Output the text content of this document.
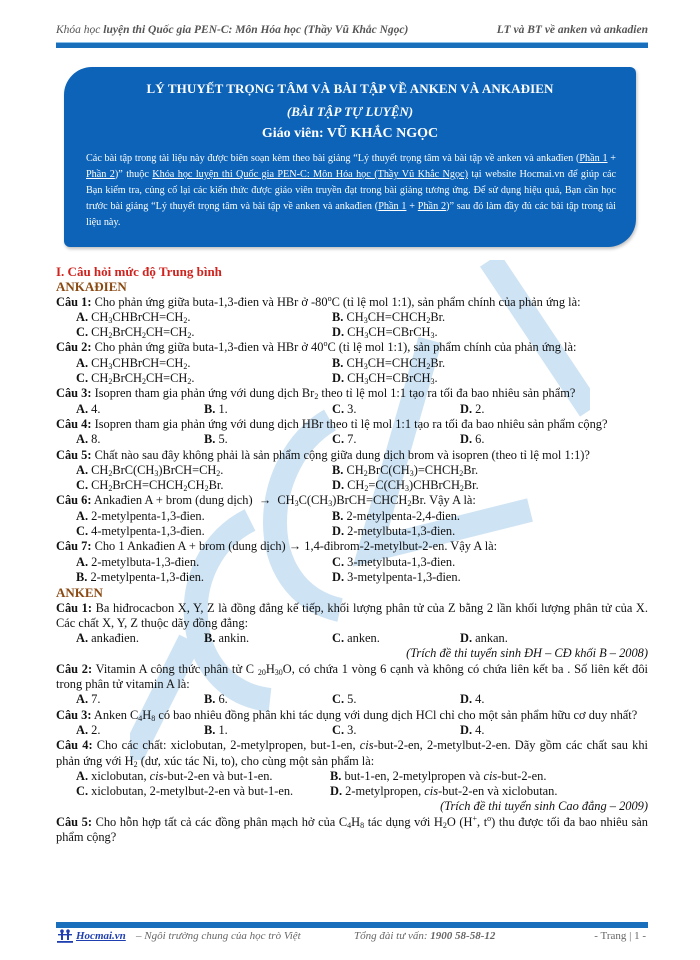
Khóa học luyện thi Quốc gia PEN-C: Môn Hóa học (Thầy Vũ Khắc Ngọc)	LT và BT về anken và ankadien
LÝ THUYẾT TRỌNG TÂM VÀ BÀI TẬP VỀ ANKEN VÀ ANKAĐIEN
(BÀI TẬP TỰ LUYỆN)
Giáo viên: VŨ KHẮC NGỌC
Các bài tập trong tài liệu này được biên soạn kèm theo bài giảng “Lý thuyết trọng tâm và bài tập về anken và ankađien (Phần 1 + Phần 2)” thuộc Khóa học luyện thi Quốc gia PEN-C: Môn Hóa học (Thầy Vũ Khắc Ngọc) tại website Hocmai.vn để giúp các Bạn kiểm tra, củng cố lại các kiến thức được giáo viên truyền đạt trong bài giảng tương ứng. Để sử dụng hiệu quả, Bạn cần học trước bài giảng “Lý thuyết trọng tâm và bài tập về anken và ankađien (Phần 1 + Phần 2)” sau đó làm đầy đủ các bài tập trong tài liệu này.
I. Câu hỏi mức độ Trung bình
ANKAĐIEN
Câu 1: Cho phản ứng giữa buta-1,3-đien và HBr ở -80$^o$C (tỉ lệ mol 1:1), sản phẩm chính của phản ứng là:
A. $CH_3CHBrCH=CH_2$.	B. $CH_3CH=CHCH_2Br$.
C. $CH_2BrCH_2CH=CH_2$.	D. $CH_3CH=CBrCH_3$.
Câu 2: Cho phản ứng giữa buta-1,3-đien và HBr ở 40$^o$C (tỉ lệ mol 1:1), sản phẩm chính của phản ứng là:
A. $CH_3CHBrCH=CH_2$.	B. $CH_3CH=CHCH_2Br$.
C. $CH_2BrCH_2CH=CH_2$.	D. $CH_3CH=CBrCH_3$.
Câu 3: Isopren tham gia phản ứng với dung dịch $Br_2$ theo tỉ lệ mol 1:1 tạo ra tối đa bao nhiêu sản phẩm?
A. 4.	B. 1.	C. 3.	D. 2.
Câu 4: Isopren tham gia phản ứng với dung dịch HBr theo tỉ lệ mol 1:1 tạo ra tối đa bao nhiêu sản phẩm cộng?
A. 8.	B. 5.	C. 7.	D. 6.
Câu 5: Chất nào sau đây không phải là sản phẩm cộng giữa dung dịch brom và isopren (theo tỉ lệ mol 1:1)?
A. $CH_2BrC(CH_3)BrCH=CH_2$.	B. $CH_2BrC(CH_3)=CHCH_2Br$.
C. $CH_2BrCH=CHCH_2CH_2Br$.	D. $CH_2=C(CH_3)CHBrCH_2Br$.
Câu 6: Ankađien A + brom (dung dịch)  →  $CH_3C(CH_3)BrCH=CHCH_2Br$. Vậy A là:
A. 2-metylpenta-1,3-đien.	B. 2-metylpenta-2,4-đien.
C. 4-metylpenta-1,3-đien.	D. 2-metylbuta-1,3-đien.
Câu 7: Cho 1 Ankađien A + brom (dung dịch) → 1,4-đibrom-2-metylbut-2-en. Vậy A là:
A. 2-metylbuta-1,3-đien.	C. 3-metylbuta-1,3-đien.
B. 2-metylpenta-1,3-đien.	D. 3-metylpenta-1,3-đien.
ANKEN
Câu 1: Ba hiđrocacbon X, Y, Z là đồng đẳng kế tiếp, khối lượng phân tử của Z bằng 2 lần khối lượng phân tử của X. Các chất X, Y, Z thuộc dãy đồng đẳng:
A. ankađien.	B. ankin.	C. anken.	D. ankan.
(Trích đề thi tuyển sinh ĐH – CĐ khối B – 2008)
Câu 2: Vitamin A công thức phân tử C $_{20}H_{30}O$, có chứa 1 vòng 6 cạnh và không có chứa liên kết ba . Số liên kết đôi trong phân tử vitamin A là:
A. 7.	B. 6.	C. 5.	D. 4.
Câu 3: Anken $C_4H_8$ có bao nhiêu đồng phân khi tác dụng với dung dịch HCl chỉ cho một sản phẩm hữu cơ duy nhất?
A. 2.	B. 1.	C. 3.	D. 4.
Câu 4: Cho các chất: xiclobutan, 2-metylpropen, but-1-en, cis-but-2-en, 2-metylbut-2-en. Dãy gồm các chất sau khi phản ứng với $H_2$ (dư, xúc tác Ni, to), cho cùng một sản phẩm là:
A. xiclobutan, cis-but-2-en và but-1-en.	B. but-1-en, 2-metylpropen và cis-but-2-en.
C. xiclobutan, 2-metylbut-2-en và but-1-en.	D. 2-metylpropen, cis-but-2-en và xiclobutan.
(Trích đề thi tuyển sinh Cao đẳng – 2009)
Câu 5: Cho hỗn hợp tất cả các đồng phân mạch hở của $C_4H_8$ tác dụng với $H_2O$ (H+, $t^o$) thu được tối đa bao nhiêu sản phẩm cộng?
Hocmai.vn – Ngôi trường chung của học trò Việt	Tổng đài tư vấn: 1900 58-58-12	- Trang | 1 -
